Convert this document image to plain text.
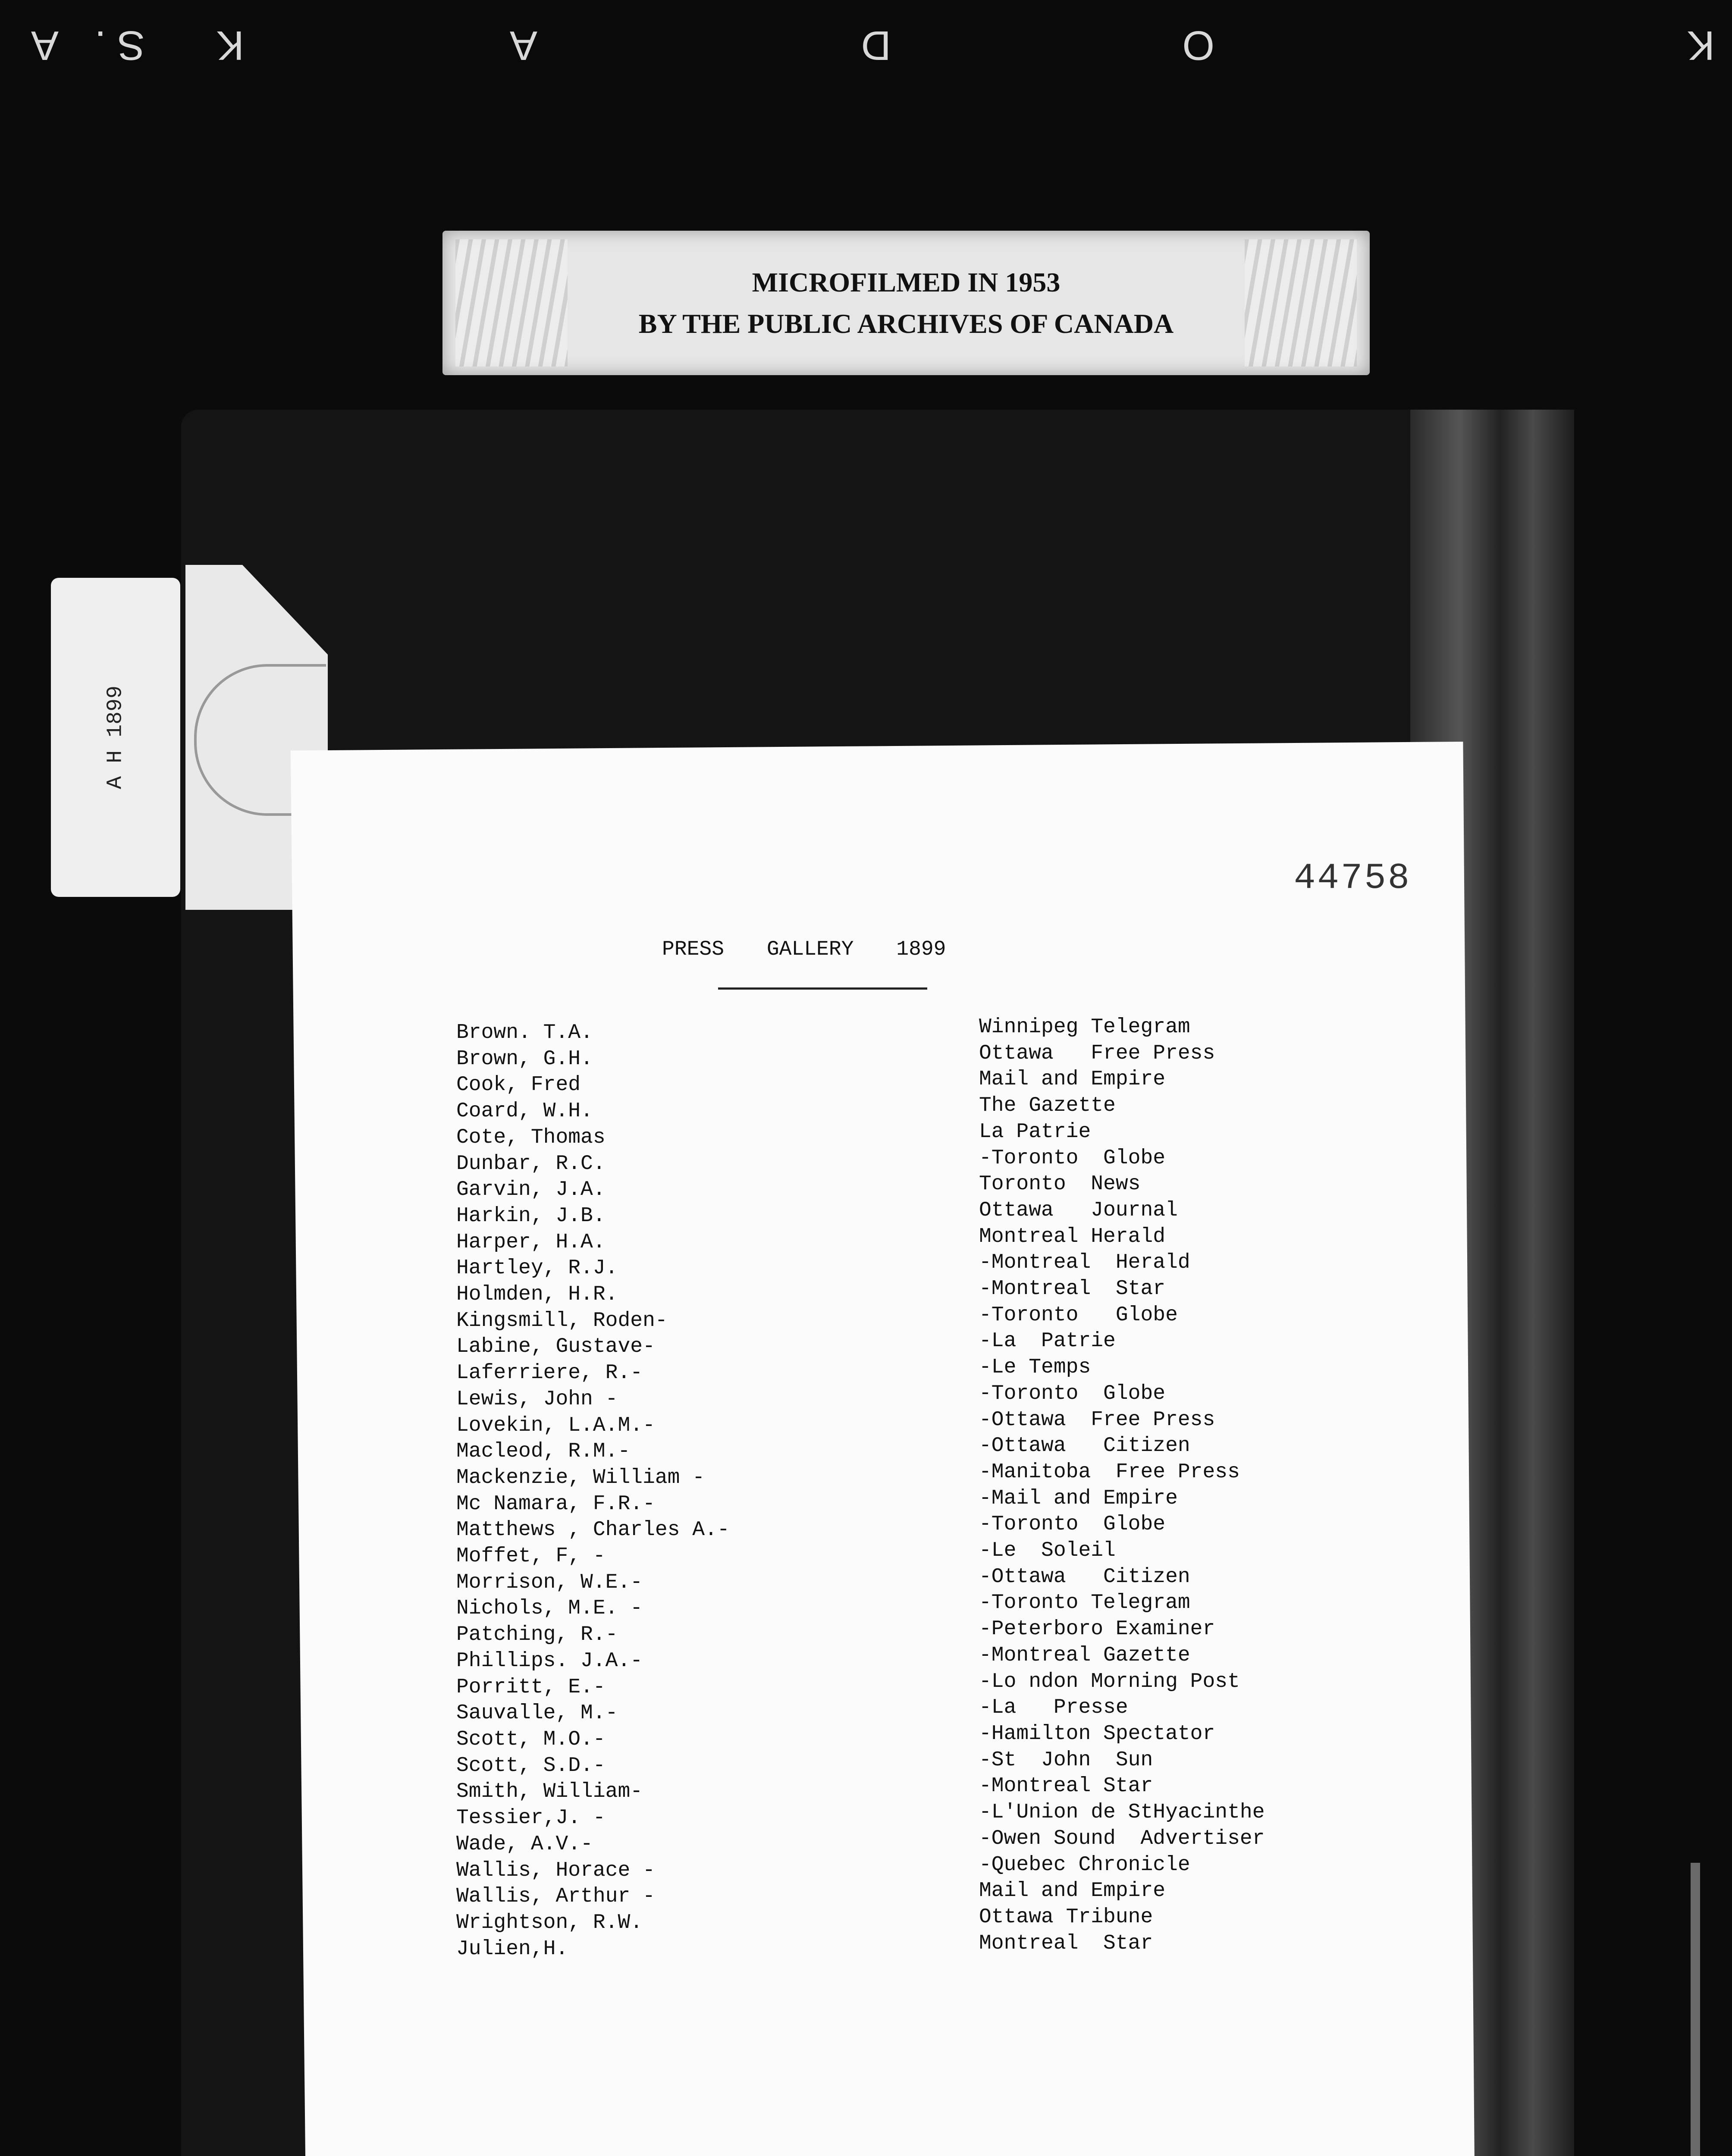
K
O
D
A
K
S
.
A
MICROFILMED IN 1953
BY THE PUBLIC ARCHIVES OF CANADA
A H 1899
44758
PRESS GALLERY 1899
Brown. T.A.
Brown, G.H.
Cook, Fred
Coard, W.H.
Cote, Thomas
Dunbar, R.C.
Garvin, J.A.
Harkin, J.B.
Harper, H.A.
Hartley, R.J.
Holmden, H.R.
Kingsmill, Roden-
Labine, Gustave-
Laferriere, R.-
Lewis, John -
Lovekin, L.A.M.-
Macleod, R.M.-
Mackenzie, William -
Mc Namara, F.R.-
Matthews , Charles A.-
Moffet, F, -
Morrison, W.E.-
Nichols, M.E. -
Patching, R.-
Phillips. J.A.-
Porritt, E.-
Sauvalle, M.-
Scott, M.O.-
Scott, S.D.-
Smith, William-
Tessier,J. -
Wade, A.V.-
Wallis, Horace -
Wallis, Arthur -
Wrightson, R.W.
Julien,H.
Winnipeg Telegram
Ottawa   Free Press
Mail and Empire
The Gazette
La Patrie
-Toronto  Globe
Toronto  News
Ottawa   Journal
Montreal Herald
-Montreal  Herald
-Montreal  Star
-Toronto   Globe
-La  Patrie
-Le Temps
-Toronto  Globe
-Ottawa  Free Press
-Ottawa   Citizen
-Manitoba  Free Press
-Mail and Empire
-Toronto  Globe
-Le  Soleil
-Ottawa   Citizen
-Toronto Telegram
-Peterboro Examiner
-Montreal Gazette
-Lo ndon Morning Post
-La   Presse
-Hamilton Spectator
-St  John  Sun
-Montreal Star
-L'Union de StHyacinthe
-Owen Sound  Advertiser
-Quebec Chronicle
Mail and Empire
Ottawa Tribune
Montreal  Star
